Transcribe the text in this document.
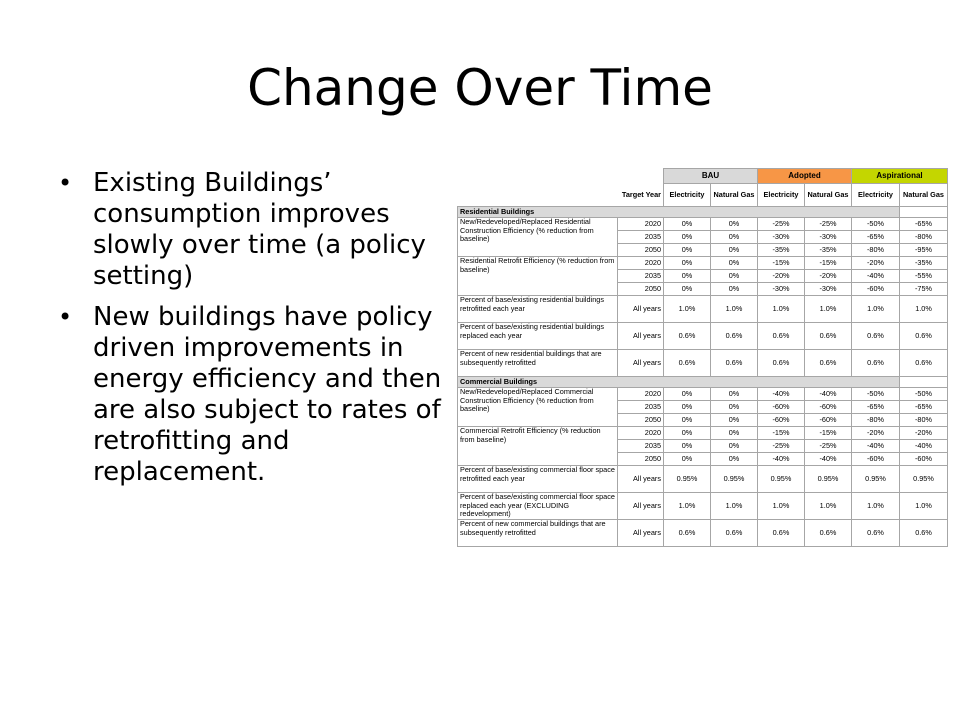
Change Over Time
• Existing Buildings’ consumption improves slowly over time (a policy setting)
• New buildings have policy driven improvements in energy efficiency and then are also subject to rates of retrofitting and replacement.
		BAU		Adopted		Aspirational	
	Target Year	Electricity	Natural Gas	Electricity	Natural Gas	Electricity	Natural Gas
Residential Buildings							
New/Redeveloped/Replaced Residential Construction Efficiency (% reduction from baseline)	2020	0%	0%	-25%	-25%	-50%	-65%
	2035	0%	0%	-30%	-30%	-65%	-80%
	2050	0%	0%	-35%	-35%	-80%	-95%
Residential Retrofit Efficiency (% reduction from baseline)	2020	0%	0%	-15%	-15%	-20%	-35%
	2035	0%	0%	-20%	-20%	-40%	-55%
	2050	0%	0%	-30%	-30%	-60%	-75%
Percent of base/existing residential buildings retrofitted each year	All years	1.0%	1.0%	1.0%	1.0%	1.0%	1.0%
Percent of base/existing residential buildings replaced each year	All years	0.6%	0.6%	0.6%	0.6%	0.6%	0.6%
Percent of new residential buildings that are subsequently retrofitted	All years	0.6%	0.6%	0.6%	0.6%	0.6%	0.6%
Commercial Buildings							
New/Redeveloped/Replaced Commercial Construction Efficiency (% reduction from baseline)	2020	0%	0%	-40%	-40%	-50%	-50%
	2035	0%	0%	-60%	-60%	-65%	-65%
	2050	0%	0%	-60%	-60%	-80%	-80%
Commercial Retrofit Efficiency (% reduction from baseline)	2020	0%	0%	-15%	-15%	-20%	-20%
	2035	0%	0%	-25%	-25%	-40%	-40%
	2050	0%	0%	-40%	-40%	-60%	-60%
Percent of base/existing commercial floor space retrofitted each year	All years	0.95%	0.95%	0.95%	0.95%	0.95%	0.95%
Percent of base/existing commercial floor space replaced each year (EXCLUDING redevelopment)	All years	1.0%	1.0%	1.0%	1.0%	1.0%	1.0%
Percent of new commercial buildings that are subsequently retrofitted	All years	0.6%	0.6%	0.6%	0.6%	0.6%	0.6%
